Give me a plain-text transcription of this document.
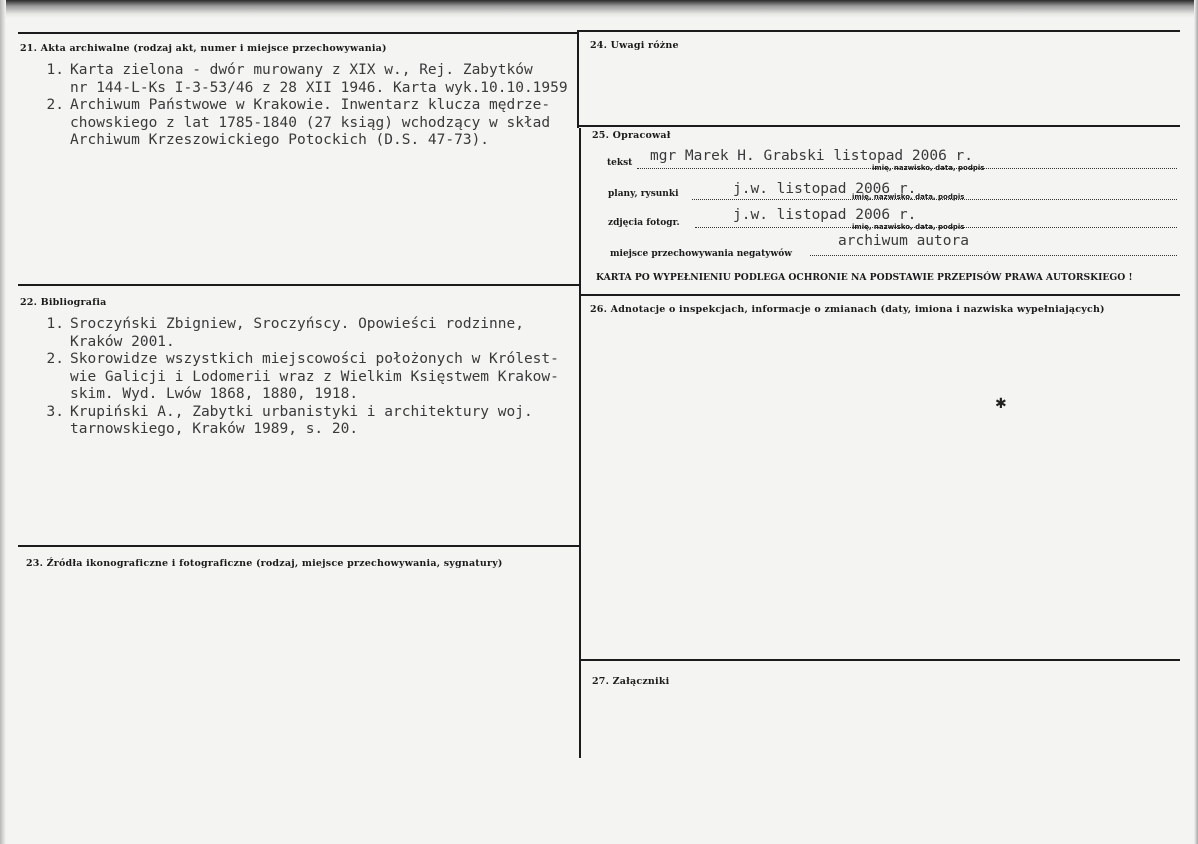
21. Akta archiwalne (rodzaj akt, numer i miejsce przechowywania)
1. Karta zielona - dwór murowany z XIX w., Rej. Zabytków
nr 144-L-Ks I-3-53/46 z 28 XII 1946. Karta wyk.10.10.1959
2. Archiwum Państwowe w Krakowie. Inwentarz klucza mędrze-
chowskiego z lat 1785-1840 (27 ksiąg) wchodzący w skład
Archiwum Krzeszowickiego Potockich (D.S. 47-73).
22. Bibliografia
1. Sroczyński Zbigniew, Sroczyńscy. Opowieści rodzinne,
Kraków 2001.
2. Skorowidze wszystkich miejscowości położonych w Królest-
wie Galicji i Lodomerii wraz z Wielkim Księstwem Krakow-
skim. Wyd. Lwów 1868, 1880, 1918.
3. Krupiński A., Zabytki urbanistyki i architektury woj.
tarnowskiego, Kraków 1989, s. 20.
23. Źródła ikonograficzne i fotograficzne (rodzaj, miejsce przechowywania, sygnatury)
24. Uwagi różne
25. Opracował
tekst mgr Marek H. Grabski listopad 2006 r.
imię, nazwisko, data, podpis
plany, rysunki	j.w. listopad 2006 r.
imię, nazwisko, data, podpis
zdjęcia fotogr.	j.w. listopad 2006 r.
imię, nazwisko, data, podpis
miejsce przechowywania negatywów
archiwum autora
KARTA PO WYPEŁNIENIU PODLEGA OCHRONIE NA PODSTAWIE PRZEPISÓW PRAWA AUTORSKIEGO !
26. Adnotacje o inspekcjach, informacje o zmianach (daty, imiona i nazwiska wypełniających)
27. Załączniki
✱
